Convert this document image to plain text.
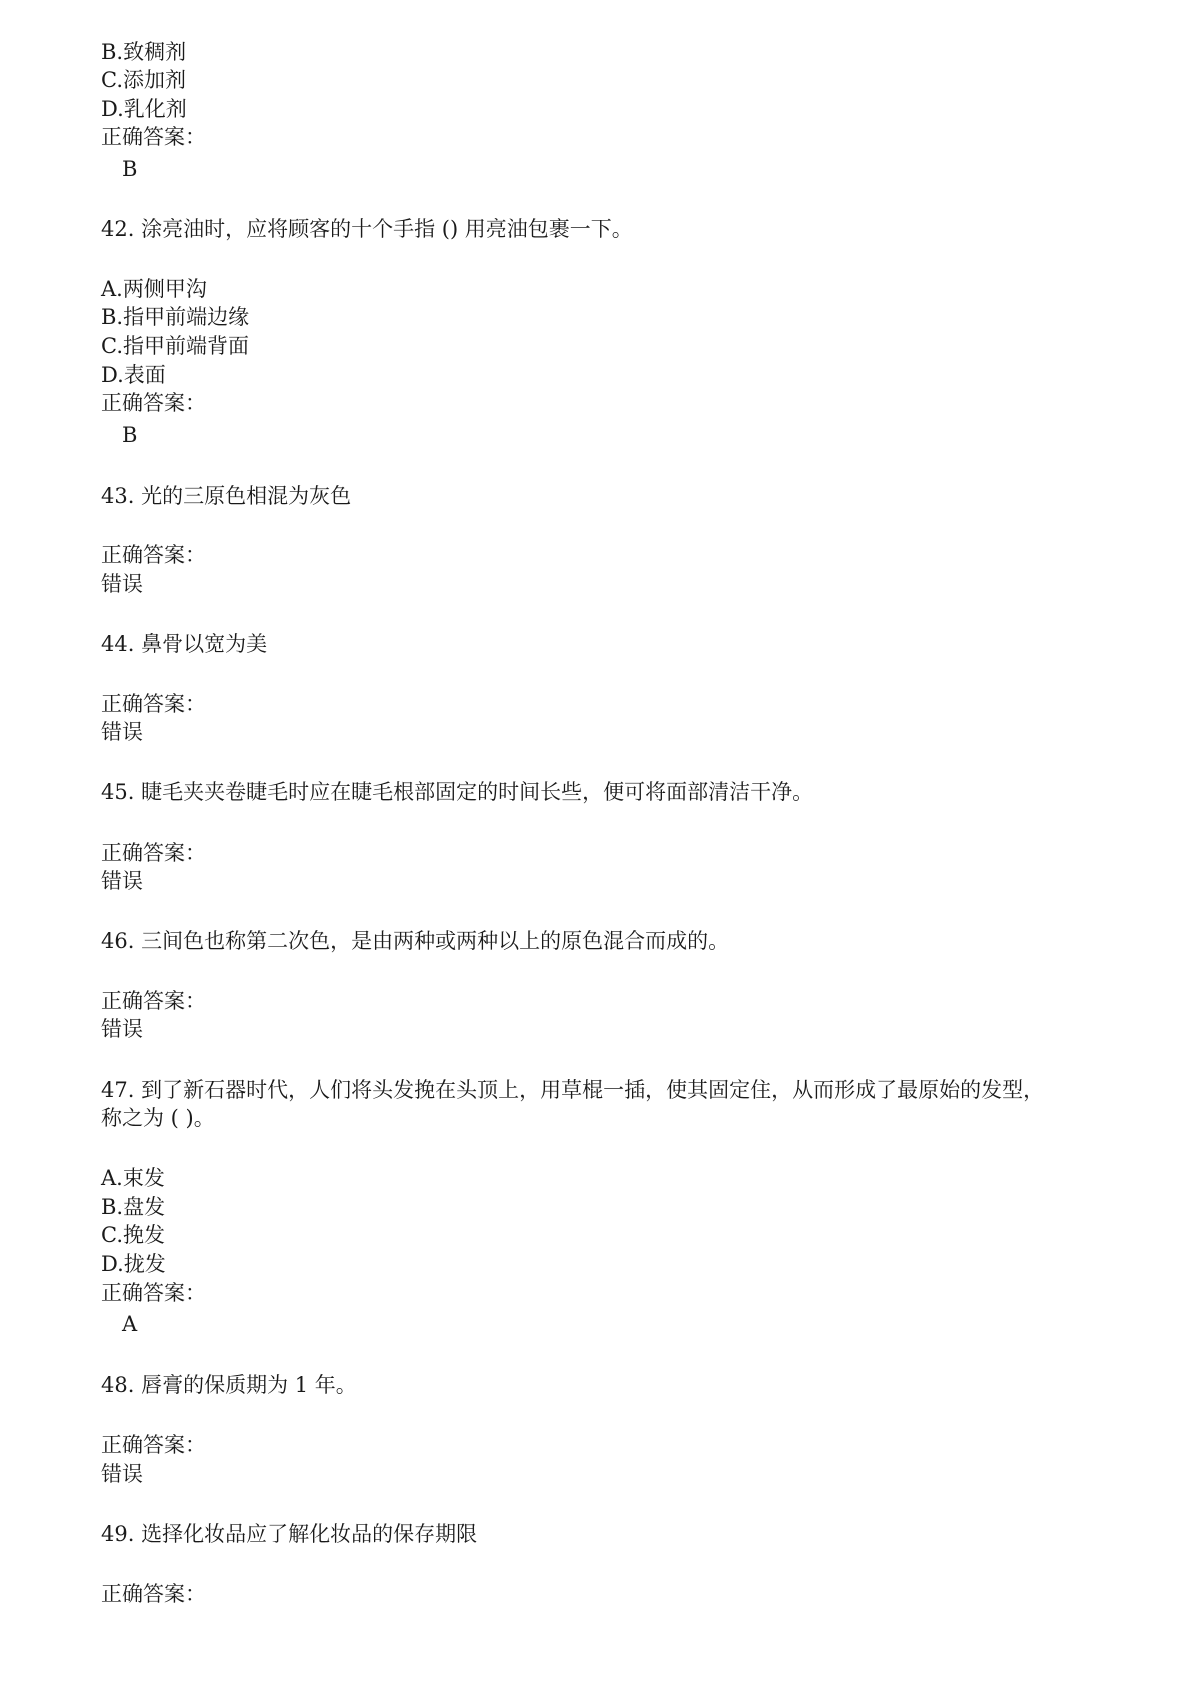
B.致稠剂
C.添加剂
D.乳化剂
正确答案：
B
42. 涂亮油时，应将顾客的十个手指 () 用亮油包裹一下。
A.两侧甲沟
B.指甲前端边缘
C.指甲前端背面
D.表面
正确答案：
B
43. 光的三原色相混为灰色
正确答案：
错误
44. 鼻骨以宽为美
正确答案：
错误
45. 睫毛夹夹卷睫毛时应在睫毛根部固定的时间长些，便可将面部清洁干净。
正确答案：
错误
46. 三间色也称第二次色，是由两种或两种以上的原色混合而成的。
正确答案：
错误
47. 到了新石器时代，人们将头发挽在头顶上，用草棍一插，使其固定住，从而形成了最原始的发型，
称之为 ( )。
A.束发
B.盘发
C.挽发
D.拢发
正确答案：
A
48. 唇膏的保质期为 1 年。
正确答案：
错误
49. 选择化妆品应了解化妆品的保存期限
正确答案：
